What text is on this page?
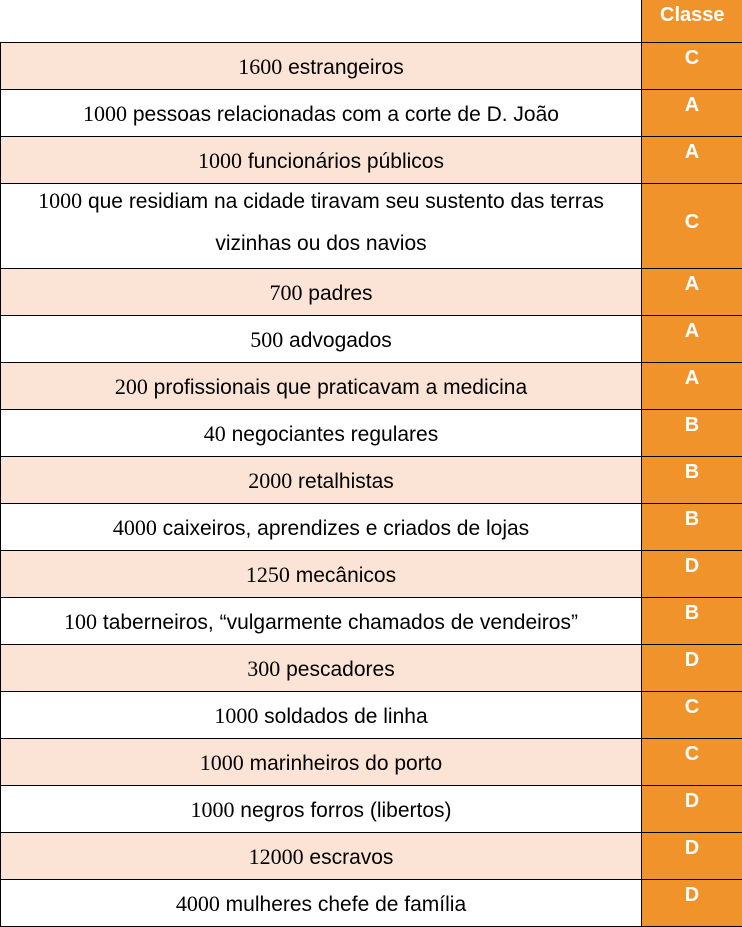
	Classe
1600 estrangeiros	C
1000 pessoas relacionadas com a corte de D. João	A
1000 funcionários públicos	A
1000 que residiam na cidade tiravam seu sustento das terras vizinhas ou dos navios	C
700 padres	A
500 advogados	A
200 profissionais que praticavam a medicina	A
40 negociantes regulares	B
2000 retalhistas	B
4000 caixeiros, aprendizes e criados de lojas	B
1250 mecânicos	D
100 taberneiros, “vulgarmente chamados de vendeiros”	B
300 pescadores	D
1000 soldados de linha	C
1000 marinheiros do porto	C
1000 negros forros (libertos)	D
12000 escravos	D
4000 mulheres chefe de família	D
